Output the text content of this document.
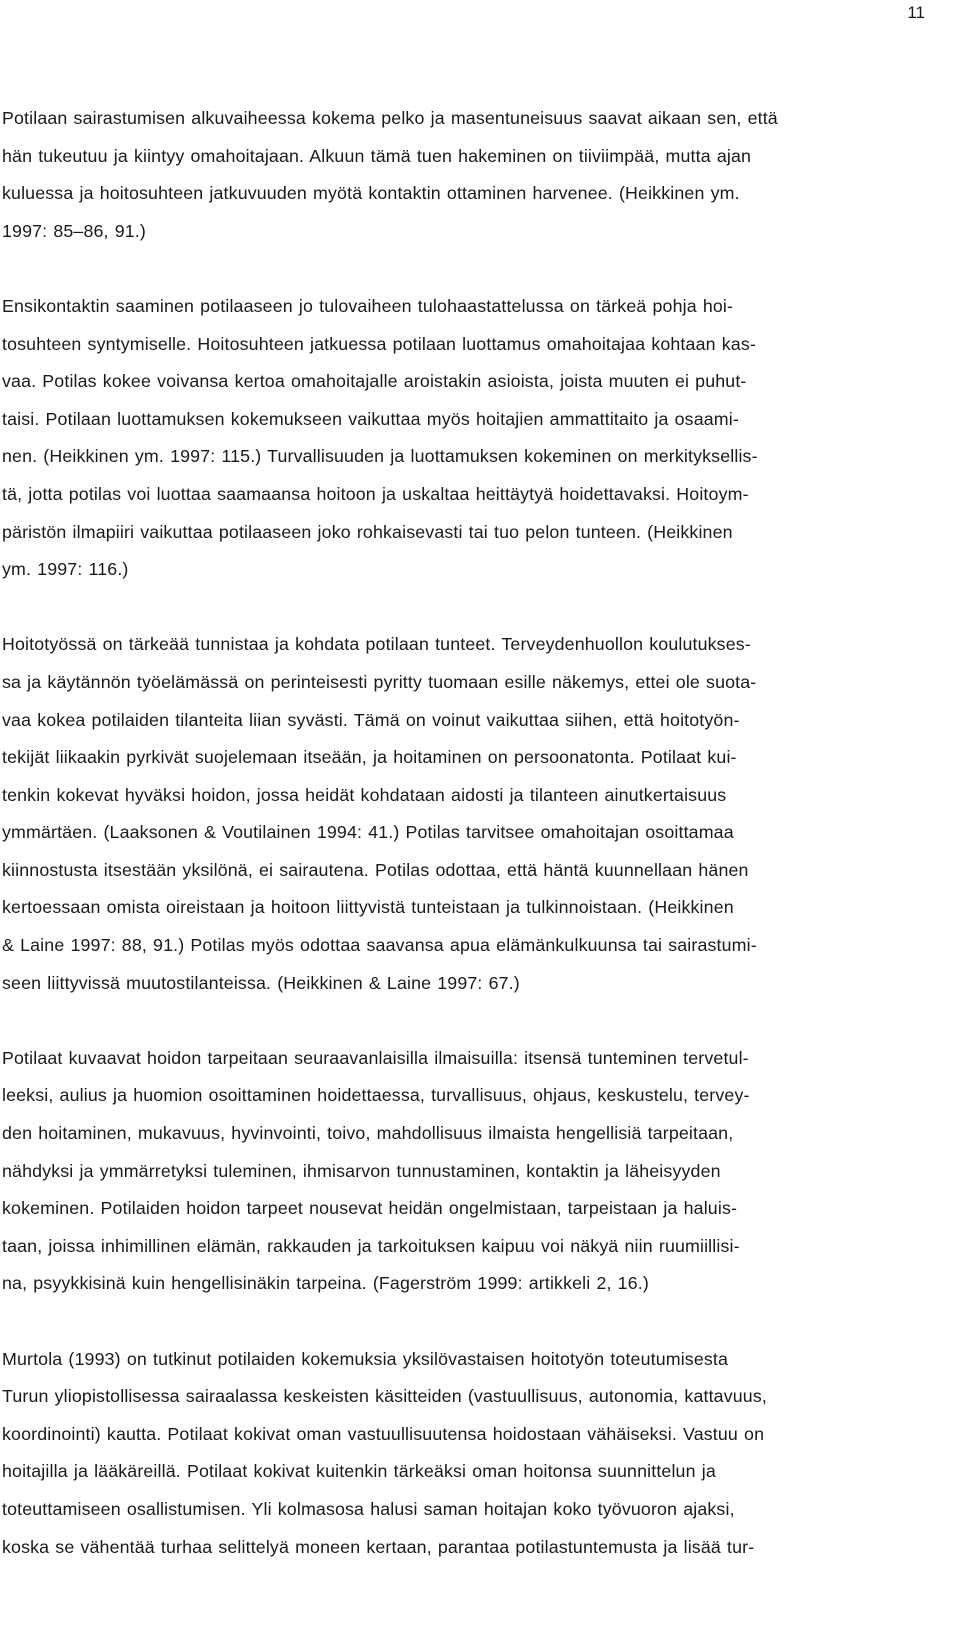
11

Potilaan sairastumisen alkuvaiheessa kokema pelko ja masentuneisuus saavat aikaan sen, että
hän tukeutuu ja kiintyy omahoitajaan. Alkuun tämä tuen hakeminen on tiiviimpää, mutta ajan
kuluessa ja hoitosuhteen jatkuvuuden myötä kontaktin ottaminen harvenee. (Heikkinen ym.
1997: 85–86, 91.)

Ensikontaktin saaminen potilaaseen jo tulovaiheen tulohaastattelussa on tärkeä pohja hoi-
tosuhteen syntymiselle. Hoitosuhteen jatkuessa potilaan luottamus omahoitajaa kohtaan kas-
vaa. Potilas kokee voivansa kertoa omahoitajalle aroistakin asioista, joista muuten ei puhut-
taisi. Potilaan luottamuksen kokemukseen vaikuttaa myös hoitajien ammattitaito ja osaami-
nen. (Heikkinen ym. 1997: 115.) Turvallisuuden ja luottamuksen kokeminen on merkityksellis-
tä, jotta potilas voi luottaa saamaansa hoitoon ja uskaltaa heittäytyä hoidettavaksi. Hoitoym-
päristön ilmapiiri vaikuttaa potilaaseen joko rohkaisevasti tai tuo pelon tunteen. (Heikkinen
ym. 1997: 116.)

Hoitotyössä on tärkeää tunnistaa ja kohdata potilaan tunteet. Terveydenhuollon koulutukses-
sa ja käytännön työelämässä on perinteisesti pyritty tuomaan esille näkemys, ettei ole suota-
vaa kokea potilaiden tilanteita liian syvästi. Tämä on voinut vaikuttaa siihen, että hoitotyön-
tekijät liikaakin pyrkivät suojelemaan itseään, ja hoitaminen on persoonatonta. Potilaat kui-
tenkin kokevat hyväksi hoidon, jossa heidät kohdataan aidosti ja tilanteen ainutkertaisuus
ymmärtäen. (Laaksonen & Voutilainen 1994: 41.) Potilas tarvitsee omahoitajan osoittamaa
kiinnostusta itsestään yksilönä, ei sairautena. Potilas odottaa, että häntä kuunnellaan hänen
kertoessaan omista oireistaan ja hoitoon liittyvistä tunteistaan ja tulkinnoistaan. (Heikkinen
& Laine 1997: 88, 91.) Potilas myös odottaa saavansa apua elämänkulkuunsa tai sairastumi-
seen liittyvissä muutostilanteissa. (Heikkinen & Laine 1997: 67.)

Potilaat kuvaavat hoidon tarpeitaan seuraavanlaisilla ilmaisuilla: itsensä tunteminen tervetul-
leeksi, aulius ja huomion osoittaminen hoidettaessa, turvallisuus, ohjaus, keskustelu, tervey-
den hoitaminen, mukavuus, hyvinvointi, toivo, mahdollisuus ilmaista hengellisiä tarpeitaan,
nähdyksi ja ymmärretyksi tuleminen, ihmisarvon tunnustaminen, kontaktin ja läheisyyden
kokeminen. Potilaiden hoidon tarpeet nousevat heidän ongelmistaan, tarpeistaan ja haluis-
taan, joissa inhimillinen elämän, rakkauden ja tarkoituksen kaipuu voi näkyä niin ruumiillisi-
na, psyykkisinä kuin hengellisinäkin tarpeina. (Fagerström 1999: artikkeli 2, 16.)

Murtola (1993) on tutkinut potilaiden kokemuksia yksilövastaisen hoitotyön toteutumisesta
Turun yliopistollisessa sairaalassa keskeisten käsitteiden (vastuullisuus, autonomia, kattavuus,
koordinointi) kautta. Potilaat kokivat oman vastuullisuutensa hoidostaan vähäiseksi. Vastuu on
hoitajilla ja lääkäreillä. Potilaat kokivat kuitenkin tärkeäksi oman hoitonsa suunnittelun ja
toteuttamiseen osallistumisen. Yli kolmasosa halusi saman hoitajan koko työvuoron ajaksi,
koska se vähentää turhaa selittelyä moneen kertaan, parantaa potilastuntemusta ja lisää tur-
